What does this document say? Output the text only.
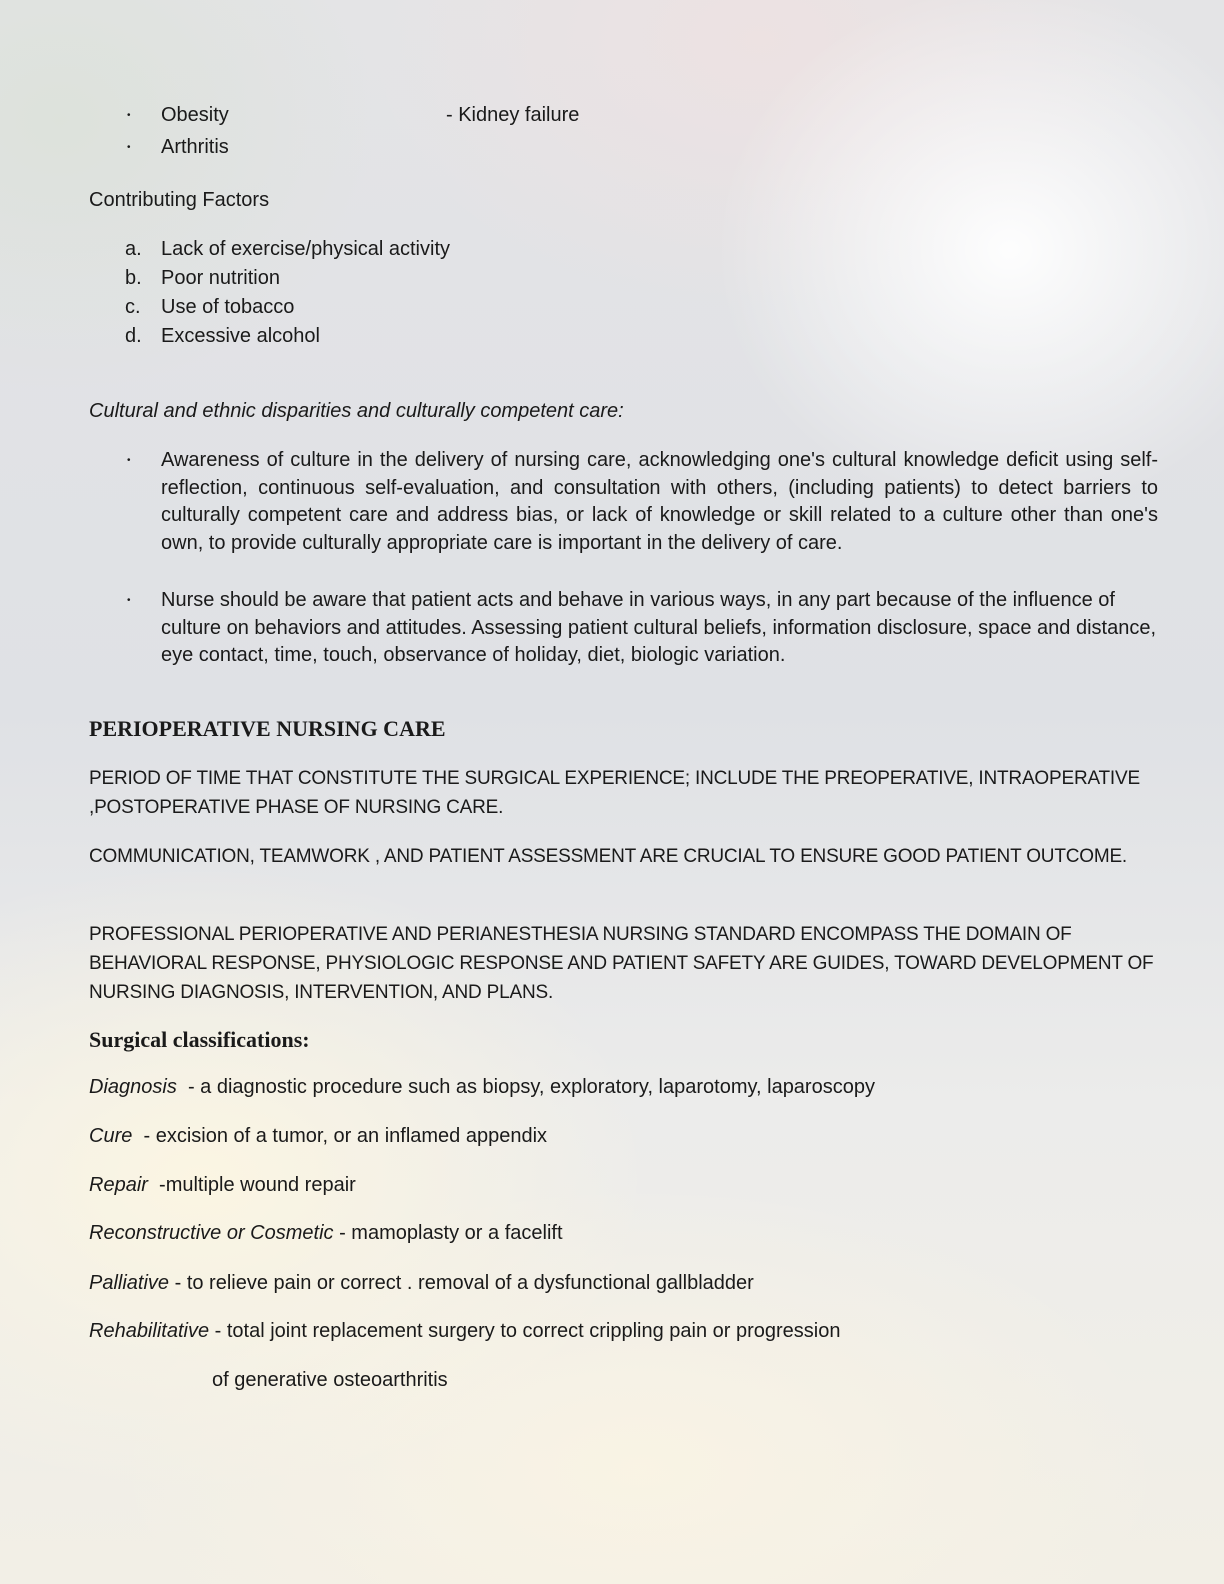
• Obesity	- Kidney failure
• Arthritis
Contributing Factors
a. Lack of exercise/physical activity
b. Poor nutrition
c. Use of tobacco
d. Excessive alcohol
Cultural and ethnic disparities and culturally competent care:
• Awareness of culture in the delivery of nursing care, acknowledging one's cultural knowledge deficit using self-reflection, continuous self-evaluation, and consultation with others, (including patients) to detect barriers to culturally competent care and address bias, or lack of knowledge or skill related to a culture other than one's own, to provide culturally appropriate care is important in the delivery of care.
• Nurse should be aware that patient acts and behave in various ways, in any part because of the influence of culture on behaviors and attitudes. Assessing patient cultural beliefs, information disclosure, space and distance, eye contact, time, touch, observance of holiday, diet, biologic variation.
PERIOPERATIVE NURSING CARE
PERIOD OF TIME THAT CONSTITUTE THE SURGICAL EXPERIENCE; INCLUDE THE PREOPERATIVE, INTRAOPERATIVE ,POSTOPERATIVE PHASE OF NURSING CARE.
COMMUNICATION, TEAMWORK , AND PATIENT ASSESSMENT ARE CRUCIAL TO ENSURE GOOD PATIENT OUTCOME.
PROFESSIONAL PERIOPERATIVE AND PERIANESTHESIA NURSING STANDARD ENCOMPASS THE DOMAIN OF BEHAVIORAL RESPONSE, PHYSIOLOGIC RESPONSE AND PATIENT SAFETY ARE GUIDES, TOWARD DEVELOPMENT OF NURSING DIAGNOSIS, INTERVENTION, AND PLANS.
Surgical classifications:
Diagnosis  - a diagnostic procedure such as biopsy, exploratory, laparotomy, laparoscopy
Cure  - excision of a tumor, or an inflamed appendix
Repair  -multiple wound repair
Reconstructive or Cosmetic - mamoplasty or a facelift
Palliative - to relieve pain or correct . removal of a dysfunctional gallbladder
Rehabilitative - total joint replacement surgery to correct crippling pain or progression
of generative osteoarthritis
